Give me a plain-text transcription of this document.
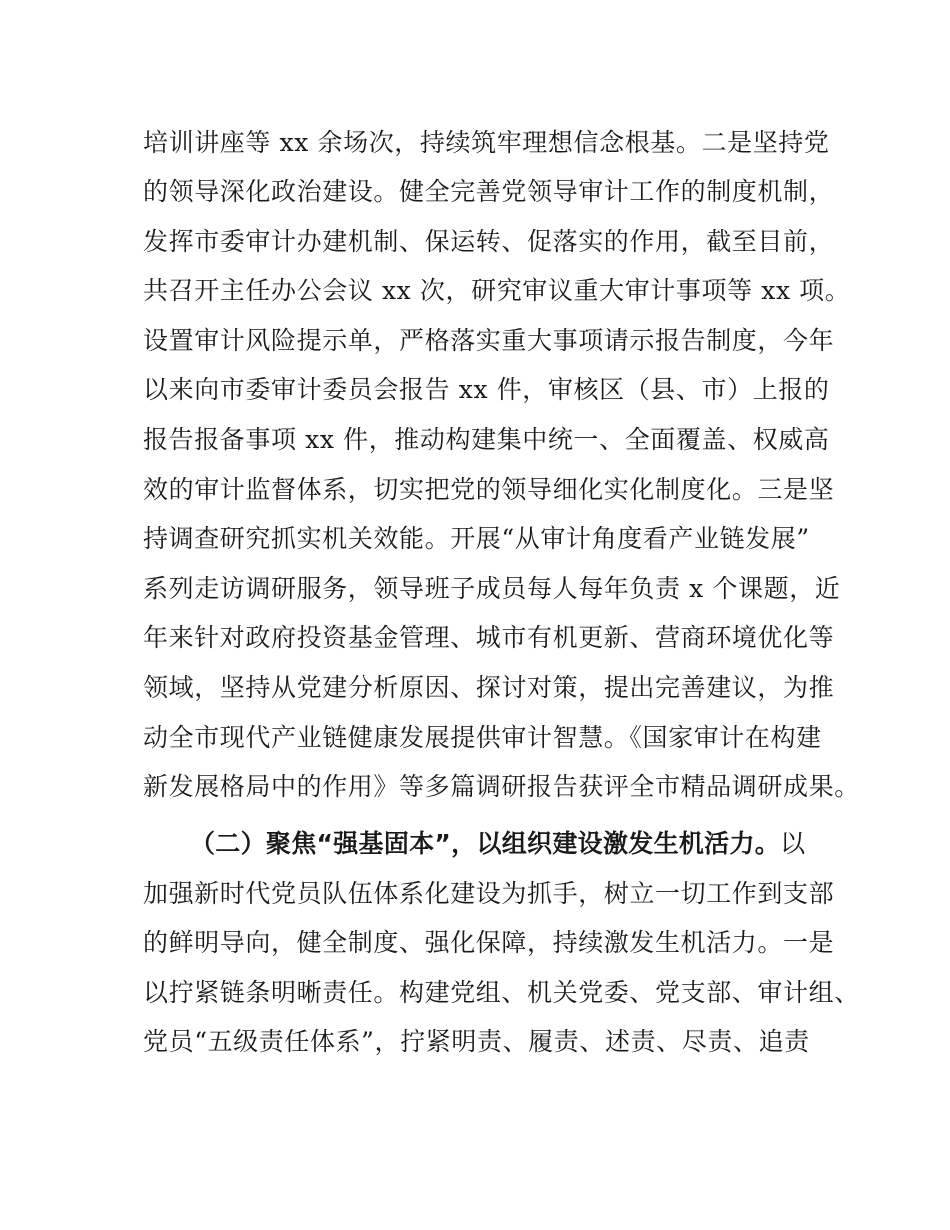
培训讲座等 xx 余场次，持续筑牢理想信念根基。二是坚持党
的领导深化政治建设。健全完善党领导审计工作的制度机制，
发挥市委审计办建机制、保运转、促落实的作用，截至目前，
共召开主任办公会议 xx 次，研究审议重大审计事项等 xx 项。
设置审计风险提示单，严格落实重大事项请示报告制度，今年
以来向市委审计委员会报告 xx 件，审核区（县、市）上报的
报告报备事项 xx 件，推动构建集中统一、全面覆盖、权威高
效的审计监督体系，切实把党的领导细化实化制度化。三是坚
持调查研究抓实机关效能。开展“从审计角度看产业链发展”
系列走访调研服务，领导班子成员每人每年负责 x 个课题，近
年来针对政府投资基金管理、城市有机更新、营商环境优化等
领域，坚持从党建分析原因、探讨对策，提出完善建议，为推
动全市现代产业链健康发展提供审计智慧。《国家审计在构建
新发展格局中的作用》等多篇调研报告获评全市精品调研成果。
（二）聚焦“强基固本”，以组织建设激发生机活力。以
加强新时代党员队伍体系化建设为抓手，树立一切工作到支部
的鲜明导向，健全制度、强化保障，持续激发生机活力。一是
以拧紧链条明晰责任。构建党组、机关党委、党支部、审计组、
党员“五级责任体系”，拧紧明责、履责、述责、尽责、追责
